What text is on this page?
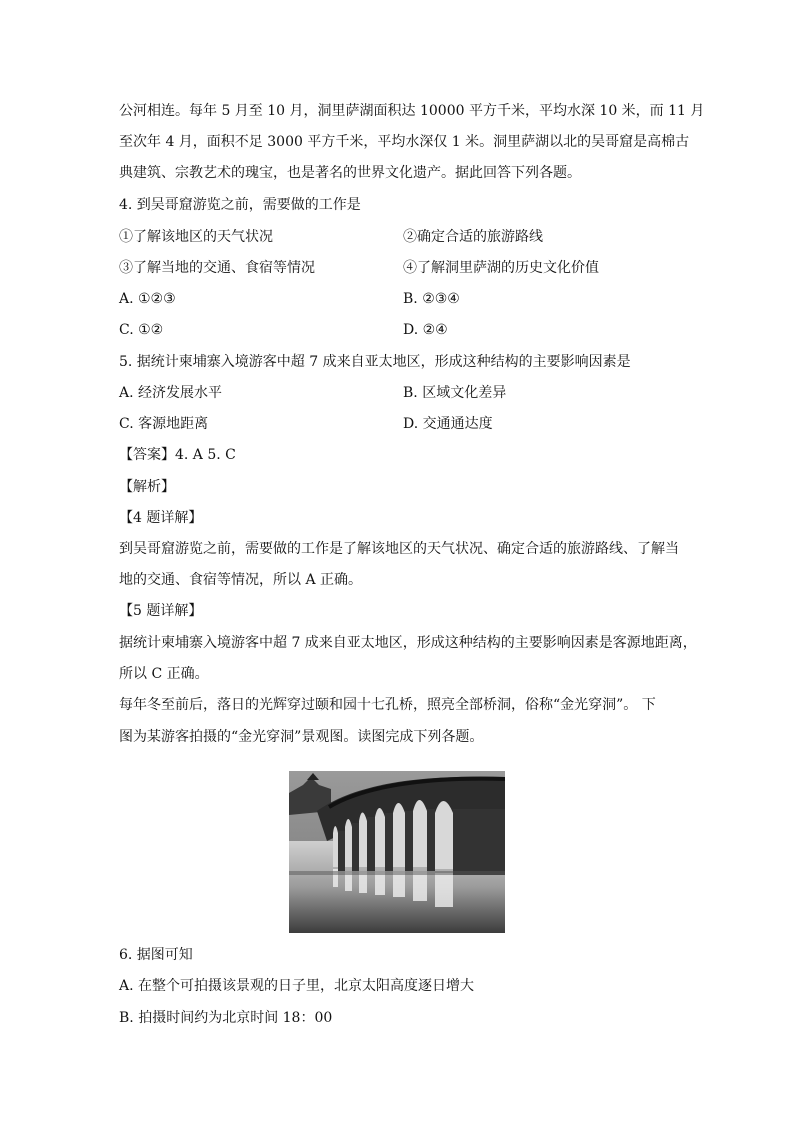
公河相连。每年 5 月至 10 月，洞里萨湖面积达 10000 平方千米，平均水深 10 米，而 11 月
至次年 4 月，面积不足 3000 平方千米，平均水深仅 1 米。洞里萨湖以北的吴哥窟是高棉古
典建筑、宗教艺术的瑰宝，也是著名的世界文化遗产。据此回答下列各题。
4. 到吴哥窟游览之前，需要做的工作是
①了解该地区的天气状况	②确定合适的旅游路线
③了解当地的交通、食宿等情况	④了解洞里萨湖的历史文化价值
A. ①②③	B. ②③④
C. ①②	D. ②④
5. 据统计柬埔寨入境游客中超 7 成来自亚太地区，形成这种结构的主要影响因素是
A. 经济发展水平	B. 区域文化差异
C. 客源地距离	D. 交通通达度
【答案】4. A 5. C
【解析】
【4 题详解】
到吴哥窟游览之前，需要做的工作是了解该地区的天气状况、确定合适的旅游路线、了解当
地的交通、食宿等情况，所以 A 正确。
【5 题详解】
据统计柬埔寨入境游客中超 7 成来自亚太地区，形成这种结构的主要影响因素是客源地距离，
所以 C 正确。
每年冬至前后，落日的光辉穿过颐和园十七孔桥，照亮全部桥洞，俗称“金光穿洞”。 下
图为某游客拍摄的“金光穿洞”景观图。读图完成下列各题。
6. 据图可知
A. 在整个可拍摄该景观的日子里，北京太阳高度逐日增大
B. 拍摄时间约为北京时间 18：00
